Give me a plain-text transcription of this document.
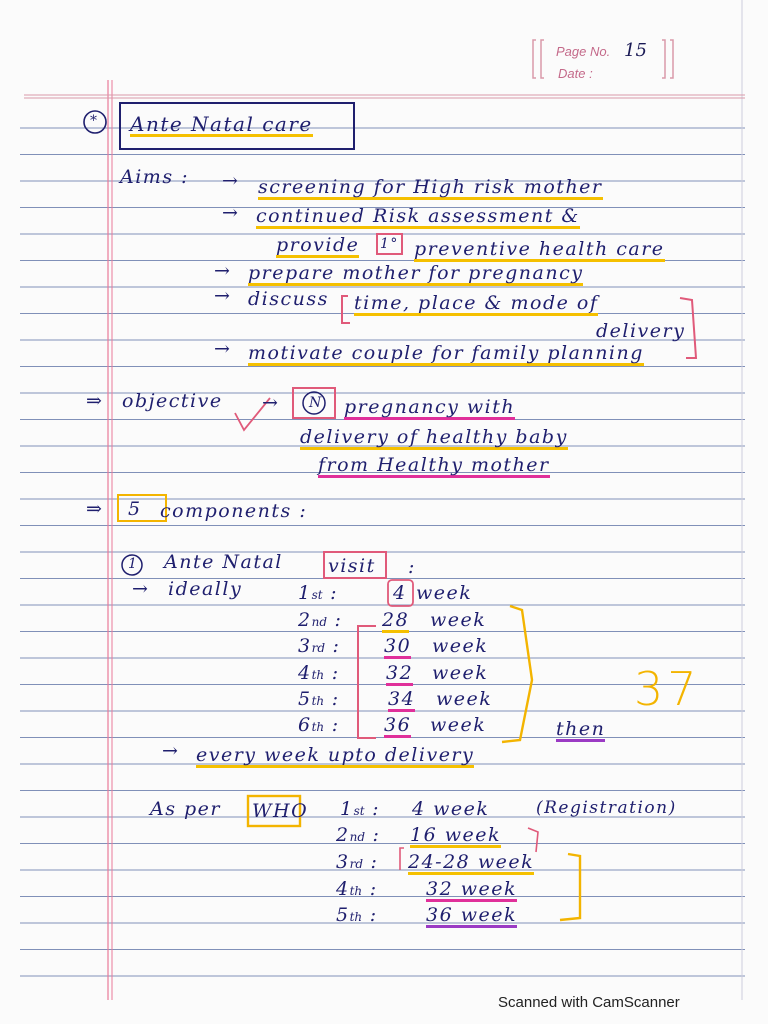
Page No. 15
Date :
* Ante Natal care
Aims : → screening for High risk mother
→ continued Risk assessment &
provide 1° preventive health care
→ prepare mother for pregnancy
→ discuss time, place & mode of
delivery
→ motivate couple for family planning
⇒ objective → N pregnancy with
delivery of healthy baby
from Healthy mother
⇒ 5 components :
1 Ante Natal visit :
→ ideally	1st :	4 week
2nd : 28 week
3rd : 30 week
4th : 32 week
5th :	34 week
6th : 36 week	then
37
→ every week upto delivery
As per WHO 1st : 4 week	(Registration)
2nd : 16 week
3rd : 24-28 week
4th :	32 week
5th :	36 week
Scanned with CamScanner
